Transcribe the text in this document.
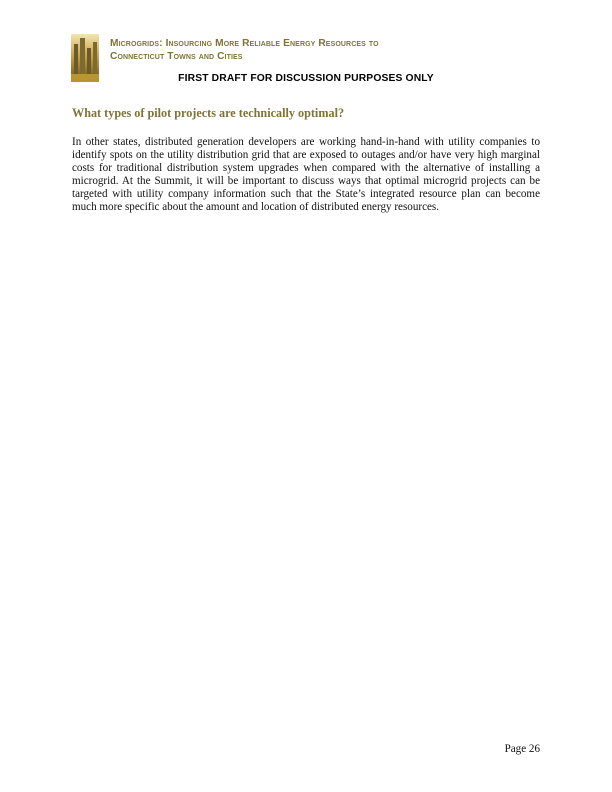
Microgrids: Insourcing More Reliable Energy Resources to
Connecticut Towns and Cities
FIRST DRAFT FOR DISCUSSION PURPOSES ONLY
What types of pilot projects are technically optimal?

In other states, distributed generation developers are working hand-in-hand with utility companies to identify spots on the utility distribution grid that are exposed to outages and/or have very high marginal costs for traditional distribution system upgrades when compared with the alternative of installing a microgrid. At the Summit, it will be important to discuss ways that optimal microgrid projects can be targeted with utility company information such that the State’s integrated resource plan can become much more specific about the amount and location of distributed energy resources.

Page 26
